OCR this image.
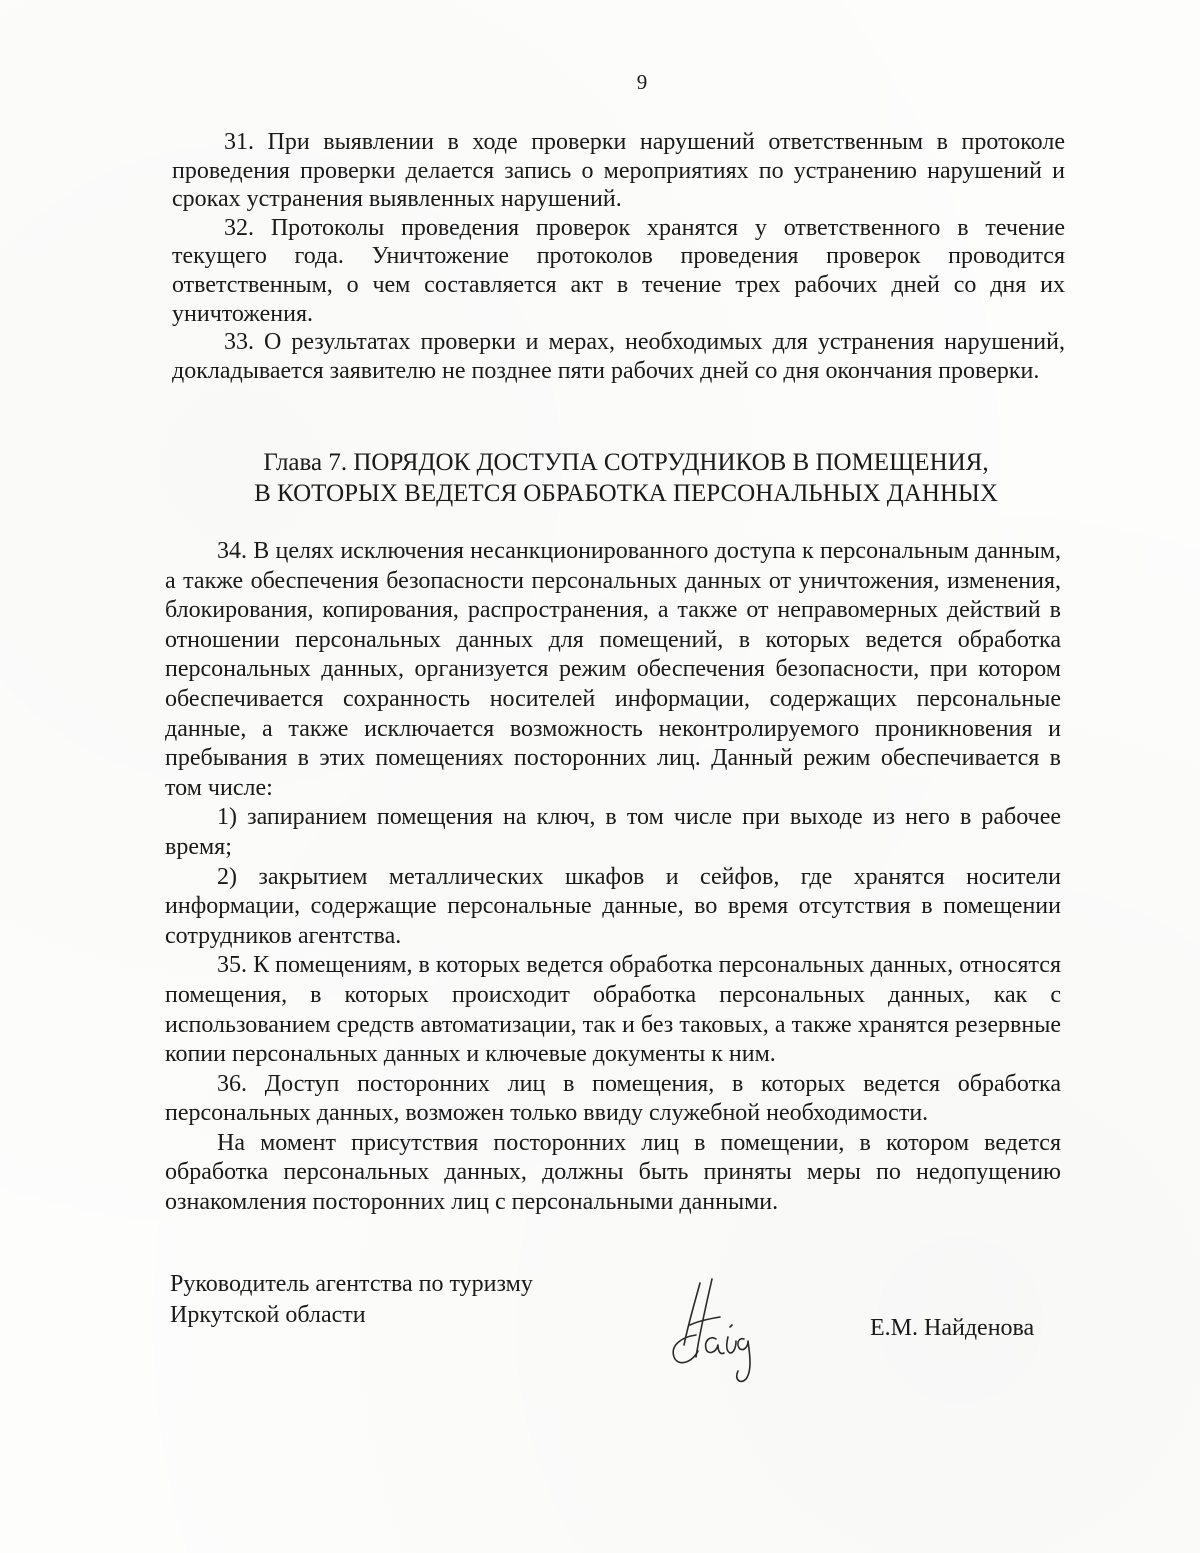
9

31. При выявлении в ходе проверки нарушений ответственным в протоколе проведения проверки делается запись о мероприятиях по устранению нарушений и сроках устранения выявленных нарушений.

32. Протоколы проведения проверок хранятся у ответственного в течение текущего года. Уничтожение протоколов проведения проверок проводится ответственным, о чем составляется акт в течение трех рабочих дней со дня их уничтожения.

33. О результатах проверки и мерах, необходимых для устранения нарушений, докладывается заявителю не позднее пяти рабочих дней со дня окончания проверки.

Глава 7. ПОРЯДОК ДОСТУПА СОТРУДНИКОВ В ПОМЕЩЕНИЯ,
В КОТОРЫХ ВЕДЕТСЯ ОБРАБОТКА ПЕРСОНАЛЬНЫХ ДАННЫХ

34. В целях исключения несанкционированного доступа к персональным данным, а также обеспечения безопасности персональных данных от уничтожения, изменения, блокирования, копирования, распространения, а также от неправомерных действий в отношении персональных данных для помещений, в которых ведется обработка персональных данных, организуется режим обеспечения безопасности, при котором обеспечивается сохранность носителей информации, содержащих персональные данные, а также исключается возможность неконтролируемого проникновения и пребывания в этих помещениях посторонних лиц. Данный режим обеспечивается в том числе:

1) запиранием помещения на ключ, в том числе при выходе из него в рабочее время;

2) закрытием металлических шкафов и сейфов, где хранятся носители информации, содержащие персональные данные, во время отсутствия в помещении сотрудников агентства.

35. К помещениям, в которых ведется обработка персональных данных, относятся помещения, в которых происходит обработка персональных данных, как с использованием средств автоматизации, так и без таковых, а также хранятся резервные копии персональных данных и ключевые документы к ним.

36. Доступ посторонних лиц в помещения, в которых ведется обработка персональных данных, возможен только ввиду служебной необходимости.

На момент присутствия посторонних лиц в помещении, в котором ведется обработка персональных данных, должны быть приняты меры по недопущению ознакомления посторонних лиц с персональными данными.

Руководитель агентства по туризму
Иркутской области	Е.М. Найденова
